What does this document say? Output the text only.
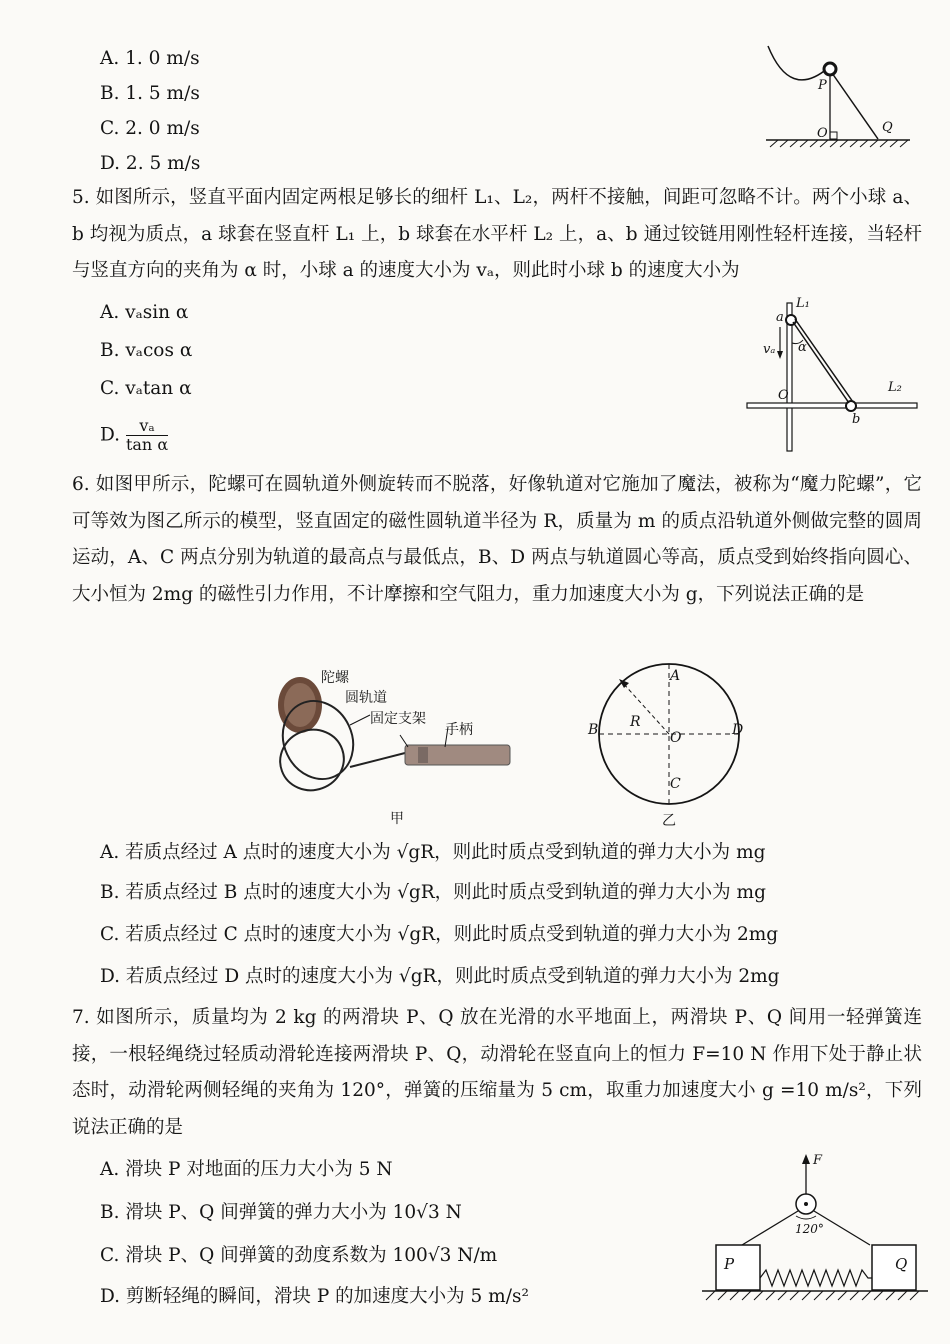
A. 1. 0 m/s
B. 1. 5 m/s
C. 2. 0 m/s
D. 2. 5 m/s
P
O	Q
5. 如图所示，竖直平面内固定两根足够长的细杆 L₁、L₂，两杆不接触，间距可忽略不计。两个小球 a、b 均视为质点，a 球套在竖直杆 L₁ 上，b 球套在水平杆 L₂ 上，a、b 通过铰链用刚性轻杆连接，当轻杆与竖直方向的夹角为 α 时，小球 a 的速度大小为 vₐ，则此时小球 b 的速度大小为
A. vₐsin α
B. vₐcos α
C. vₐtan α
D. $\frac{\text{vₐ}}{\text{tan α}}$
L₁
a
vₐ α
O
L₂
b
6. 如图甲所示，陀螺可在圆轨道外侧旋转而不脱落，好像轨道对它施加了魔法，被称为“魔力陀螺”，它可等效为图乙所示的模型，竖直固定的磁性圆轨道半径为 R，质量为 m 的质点沿轨道外侧做完整的圆周运动，A、C 两点分别为轨道的最高点与最低点，B、D 两点与轨道圆心等高，质点受到始终指向圆心、大小恒为 2mg 的磁性引力作用，不计摩擦和空气阻力，重力加速度大小为 g，下列说法正确的是
陀螺
圆轨道
固定支架
手柄
甲
A
B R
O	D
C
乙
A. 若质点经过 A 点时的速度大小为 √gR，则此时质点受到轨道的弹力大小为 mg
B. 若质点经过 B 点时的速度大小为 √gR，则此时质点受到轨道的弹力大小为 mg
C. 若质点经过 C 点时的速度大小为 √gR，则此时质点受到轨道的弹力大小为 2mg
D. 若质点经过 D 点时的速度大小为 √gR，则此时质点受到轨道的弹力大小为 2mg
7. 如图所示，质量均为 2 kg 的两滑块 P、Q 放在光滑的水平地面上，两滑块 P、Q 间用一轻弹簧连接，一根轻绳绕过轻质动滑轮连接两滑块 P、Q，动滑轮在竖直向上的恒力 F=10 N 作用下处于静止状态时，动滑轮两侧轻绳的夹角为 120°，弹簧的压缩量为 5 cm，取重力加速度大小 g =10 m/s²，下列说法正确的是
A. 滑块 P 对地面的压力大小为 5 N
B. 滑块 P、Q 间弹簧的弹力大小为 10√3 N
C. 滑块 P、Q 间弹簧的劲度系数为 100√3 N/m
D. 剪断轻绳的瞬间，滑块 P 的加速度大小为 5 m/s²
F
120°
P	Q
